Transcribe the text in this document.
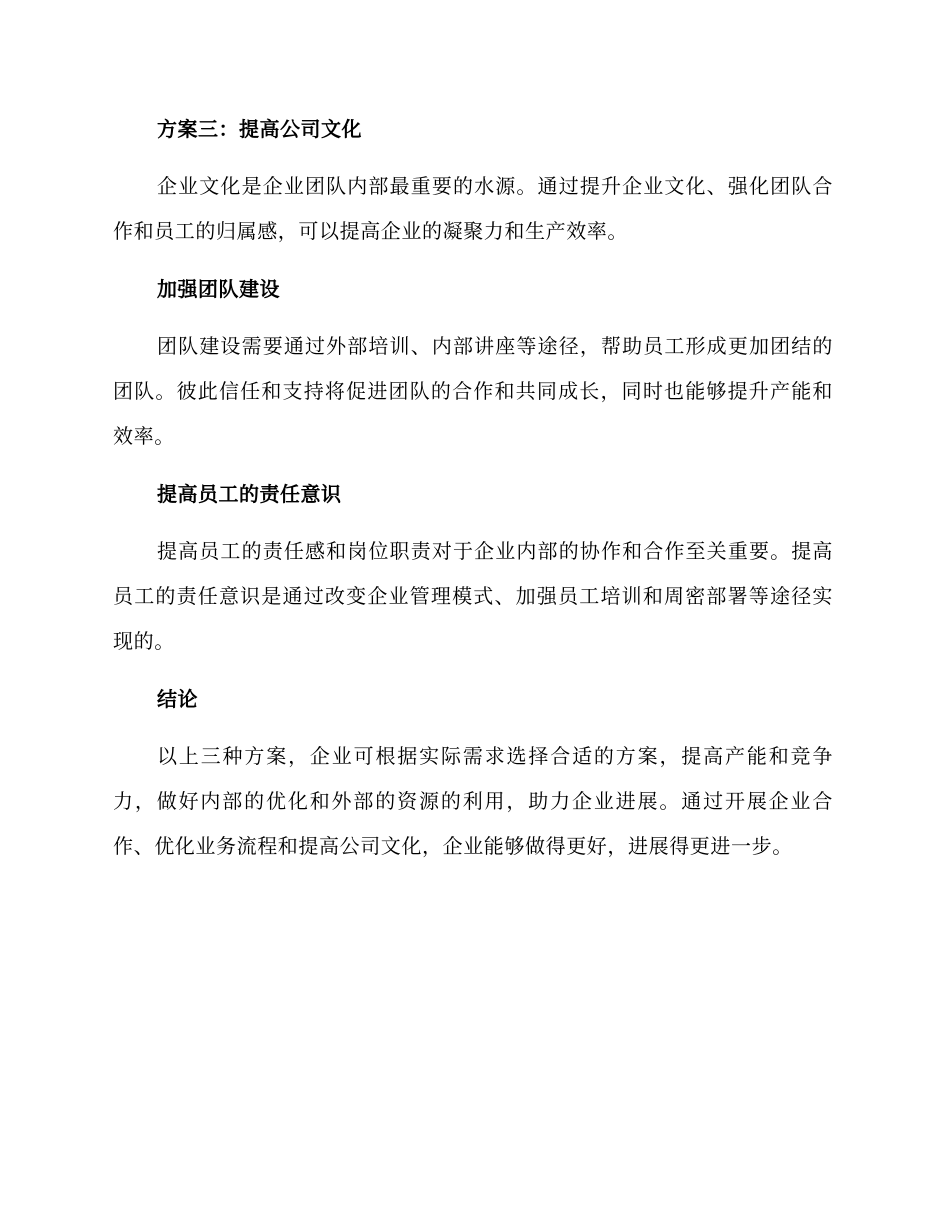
方案三：提高公司文化

企业文化是企业团队内部最重要的水源。通过提升企业文化、强化团队合作和员工的归属感，可以提高企业的凝聚力和生产效率。

加强团队建设

团队建设需要通过外部培训、内部讲座等途径，帮助员工形成更加团结的团队。彼此信任和支持将促进团队的合作和共同成长，同时也能够提升产能和效率。

提高员工的责任意识

提高员工的责任感和岗位职责对于企业内部的协作和合作至关重要。提高员工的责任意识是通过改变企业管理模式、加强员工培训和周密部署等途径实现的。

结论

以上三种方案，企业可根据实际需求选择合适的方案，提高产能和竞争力，做好内部的优化和外部的资源的利用，助力企业进展。通过开展企业合作、优化业务流程和提高公司文化，企业能够做得更好，进展得更进一步。
